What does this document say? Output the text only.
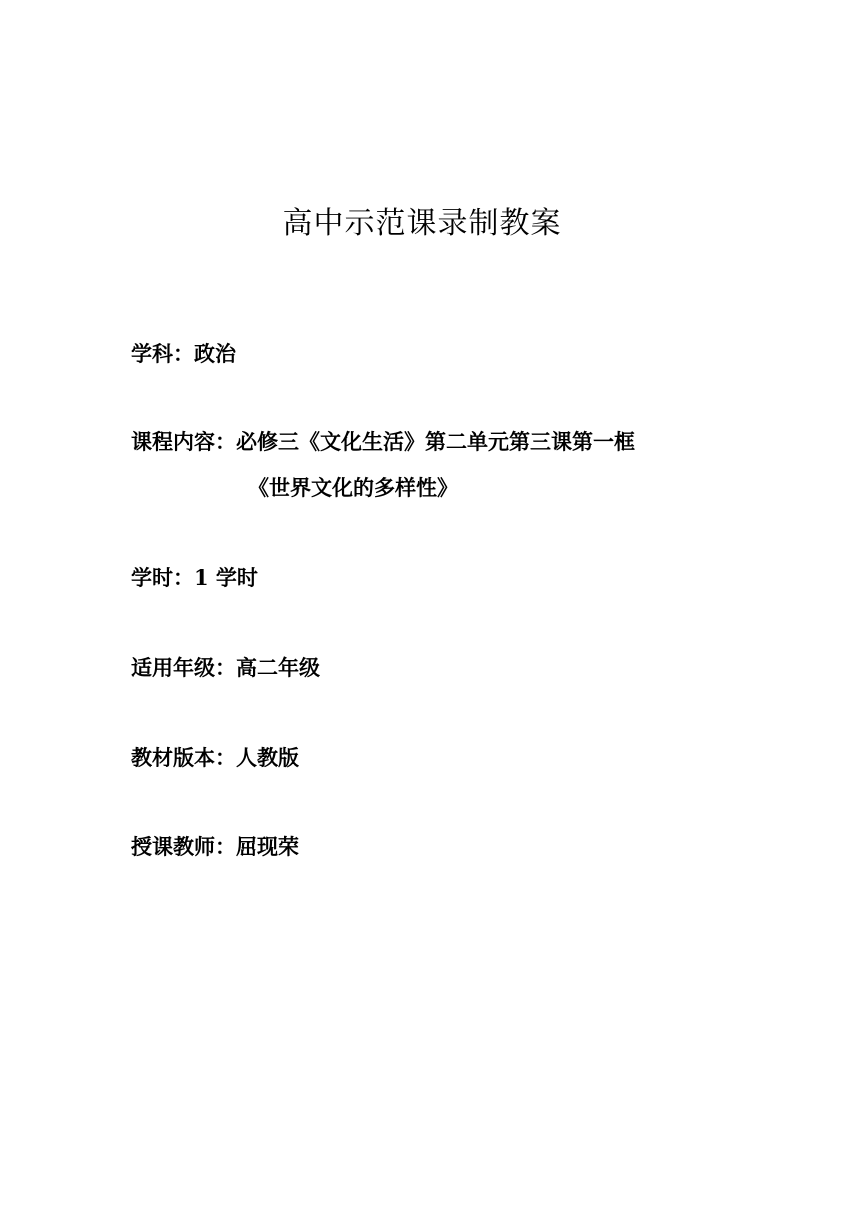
高中示范课录制教案
学科：政治
课程内容：必修三《文化生活》第二单元第三课第一框
《世界文化的多样性》
学时：1 学时
适用年级：高二年级
教材版本：人教版
授课教师：屈现荣
